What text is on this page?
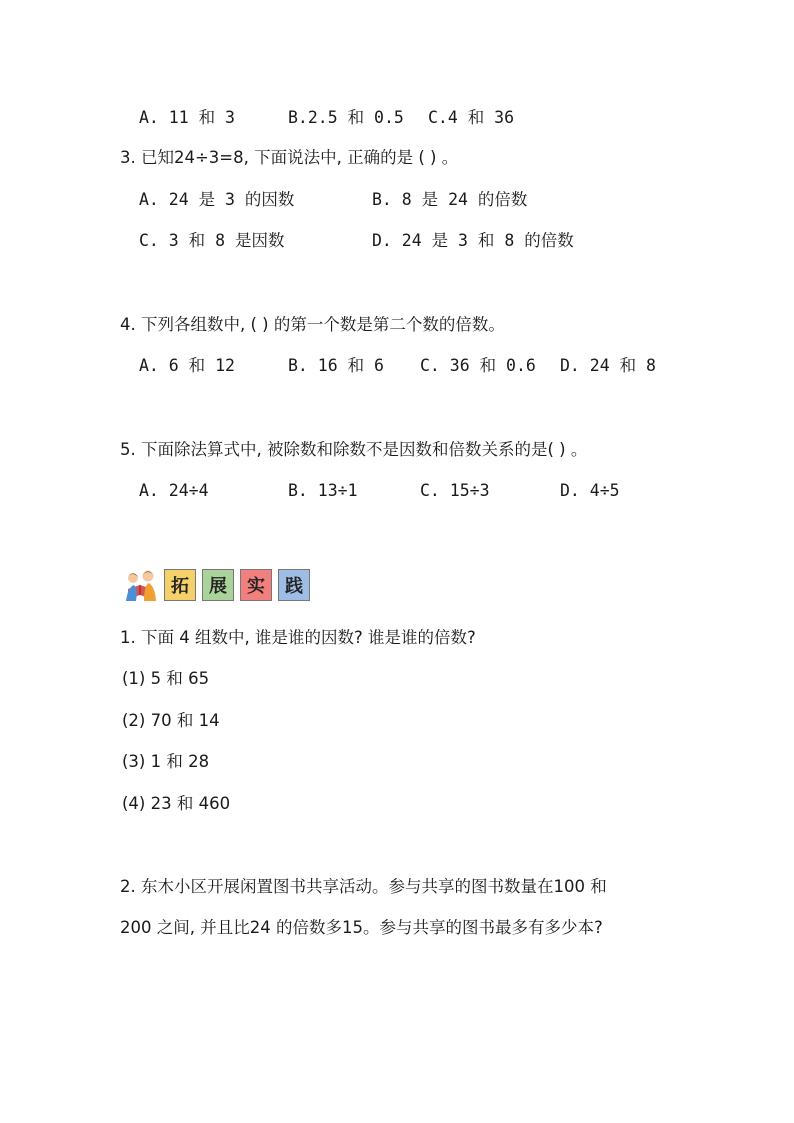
A. 11 和 3	B.2.5 和 0.5 C.4 和 36
3. 已知24÷3=8, 下面说法中, 正确的是 ( ) 。
A. 24 是 3 的因数	B. 8 是 24 的倍数
C. 3 和 8 是因数	D. 24 是 3 和 8 的倍数
4. 下列各组数中, ( ) 的第一个数是第二个数的倍数。
A. 6 和 12	B. 16 和 6 C. 36 和 0.6 D. 24 和 8
5. 下面除法算式中, 被除数和除数不是因数和倍数关系的是( ) 。
A. 24÷4	B. 13÷1	C. 15÷3	D. 4÷5
拓	展	实	践
1. 下面 4 组数中, 谁是谁的因数? 谁是谁的倍数?
(1) 5 和 65
(2) 70 和 14
(3) 1 和 28
(4) 23 和 460
2. 东木小区开展闲置图书共享活动。参与共享的图书数量在100 和
200 之间, 并且比24 的倍数多15。参与共享的图书最多有多少本?
